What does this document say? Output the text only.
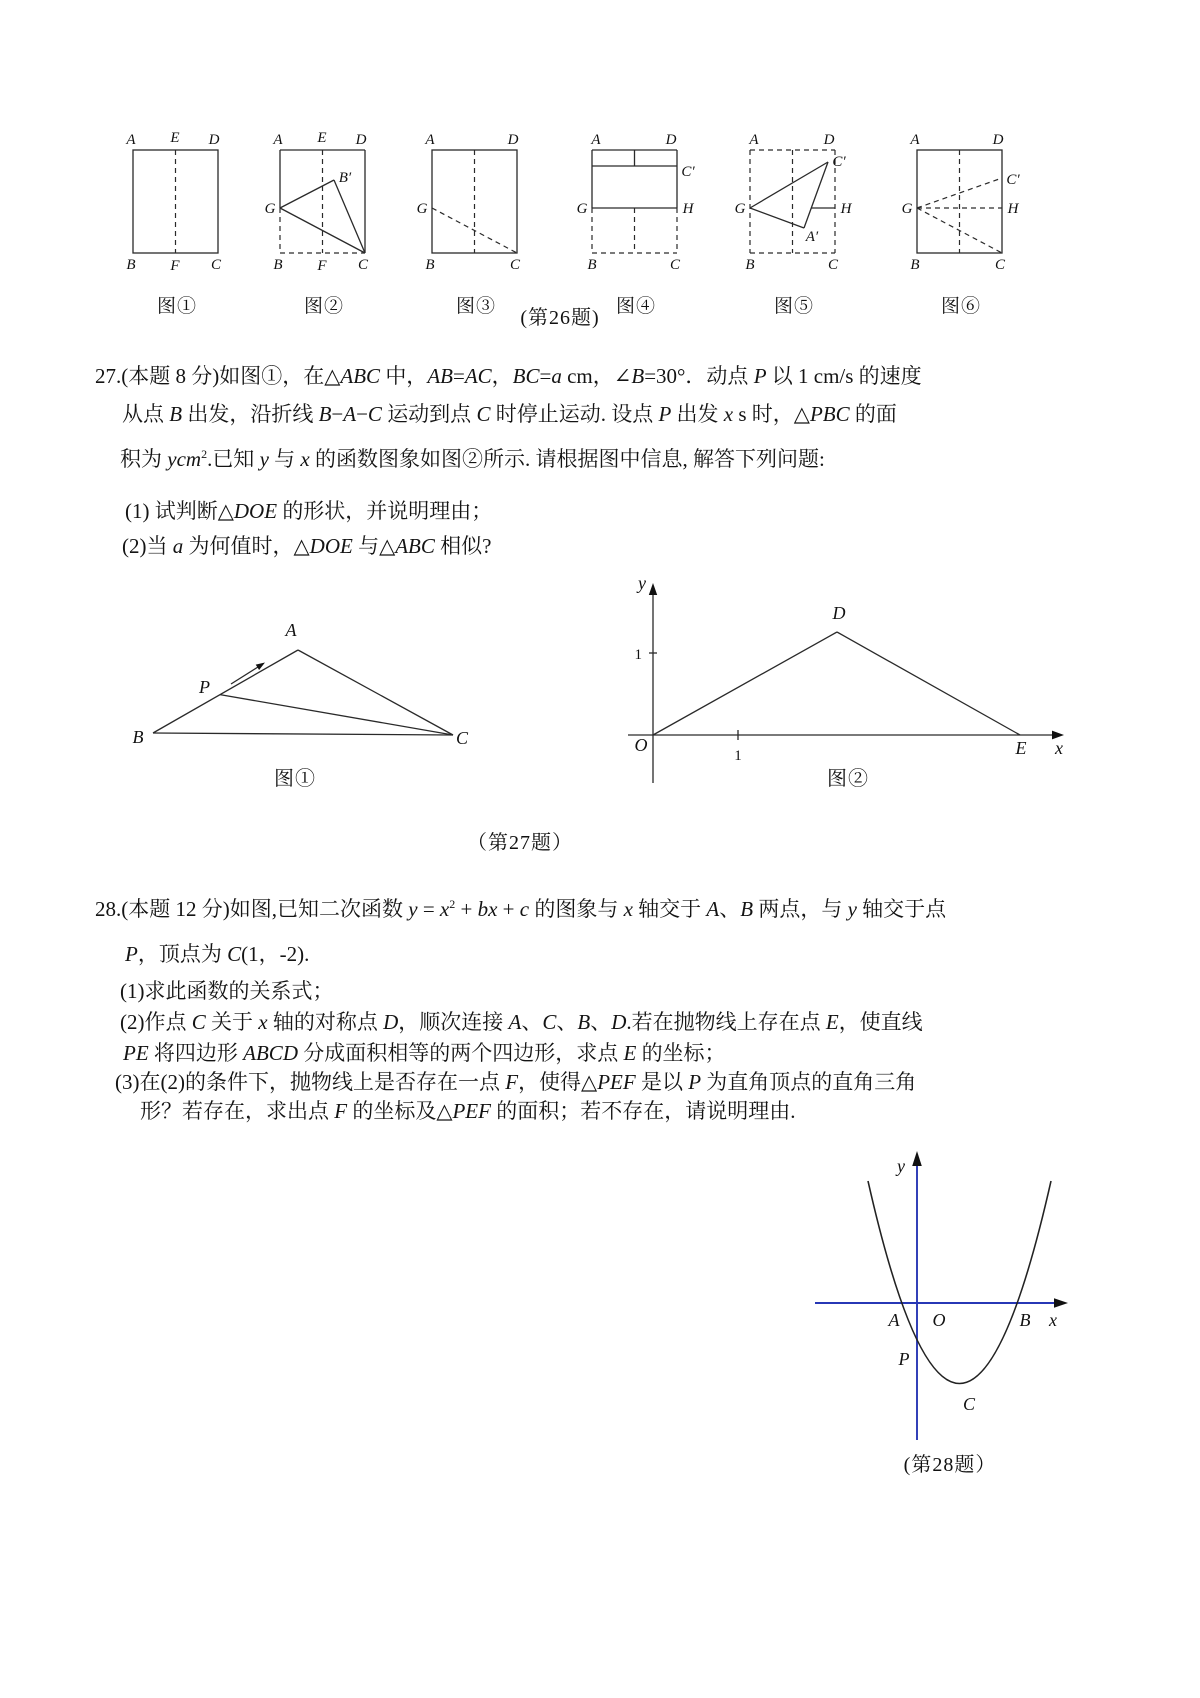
A E D
B F C
图①
A E D
G
B′
B F C
图②
A	D
G
B	C
图③
A	D
C′
G	H
B	C
图④
A	D
C′
G	H
A′
B	C
图⑤
A	D
C′
G	H
B	C
图⑥
(第26题)
27.(本题 8 分)如图①，在△ABC 中，AB=AC，BC=a cm，∠B=30°．动点 P 以 1 cm/s 的速度
从点 B 出发，沿折线 B−A−C 运动到点 C 时停止运动. 设点 P 出发 x s 时，△PBC 的面
积为 ycm$^2$.已知 y 与 x 的函数图象如图②所示. 请根据图中信息, 解答下列问题:
(1) 试判断△DOE 的形状，并说明理由；
(2)当 a 为何值时，△DOE 与△ABC 相似?
A
B	C
P
图①
y
x
O
D
E
1
1
图②
（第27题）
28.(本题 12 分)如图,已知二次函数 $y = x^2$ + bx + c 的图象与 x 轴交于 A、B 两点，与 y 轴交于点
P，顶点为 C(1，-2).
(1)求此函数的关系式；
(2)作点 C 关于 x 轴的对称点 D，顺次连接 A、C、B、D.若在抛物线上存在点 E，使直线
PE 将四边形 ABCD 分成面积相等的两个四边形，求点 E 的坐标；
(3)在(2)的条件下，抛物线上是否存在一点 F，使得△PEF 是以 P 为直角顶点的直角三角
形？若存在，求出点 F 的坐标及△PEF 的面积；若不存在，请说明理由.
y
x
A O	B
P
C
(第28题）
